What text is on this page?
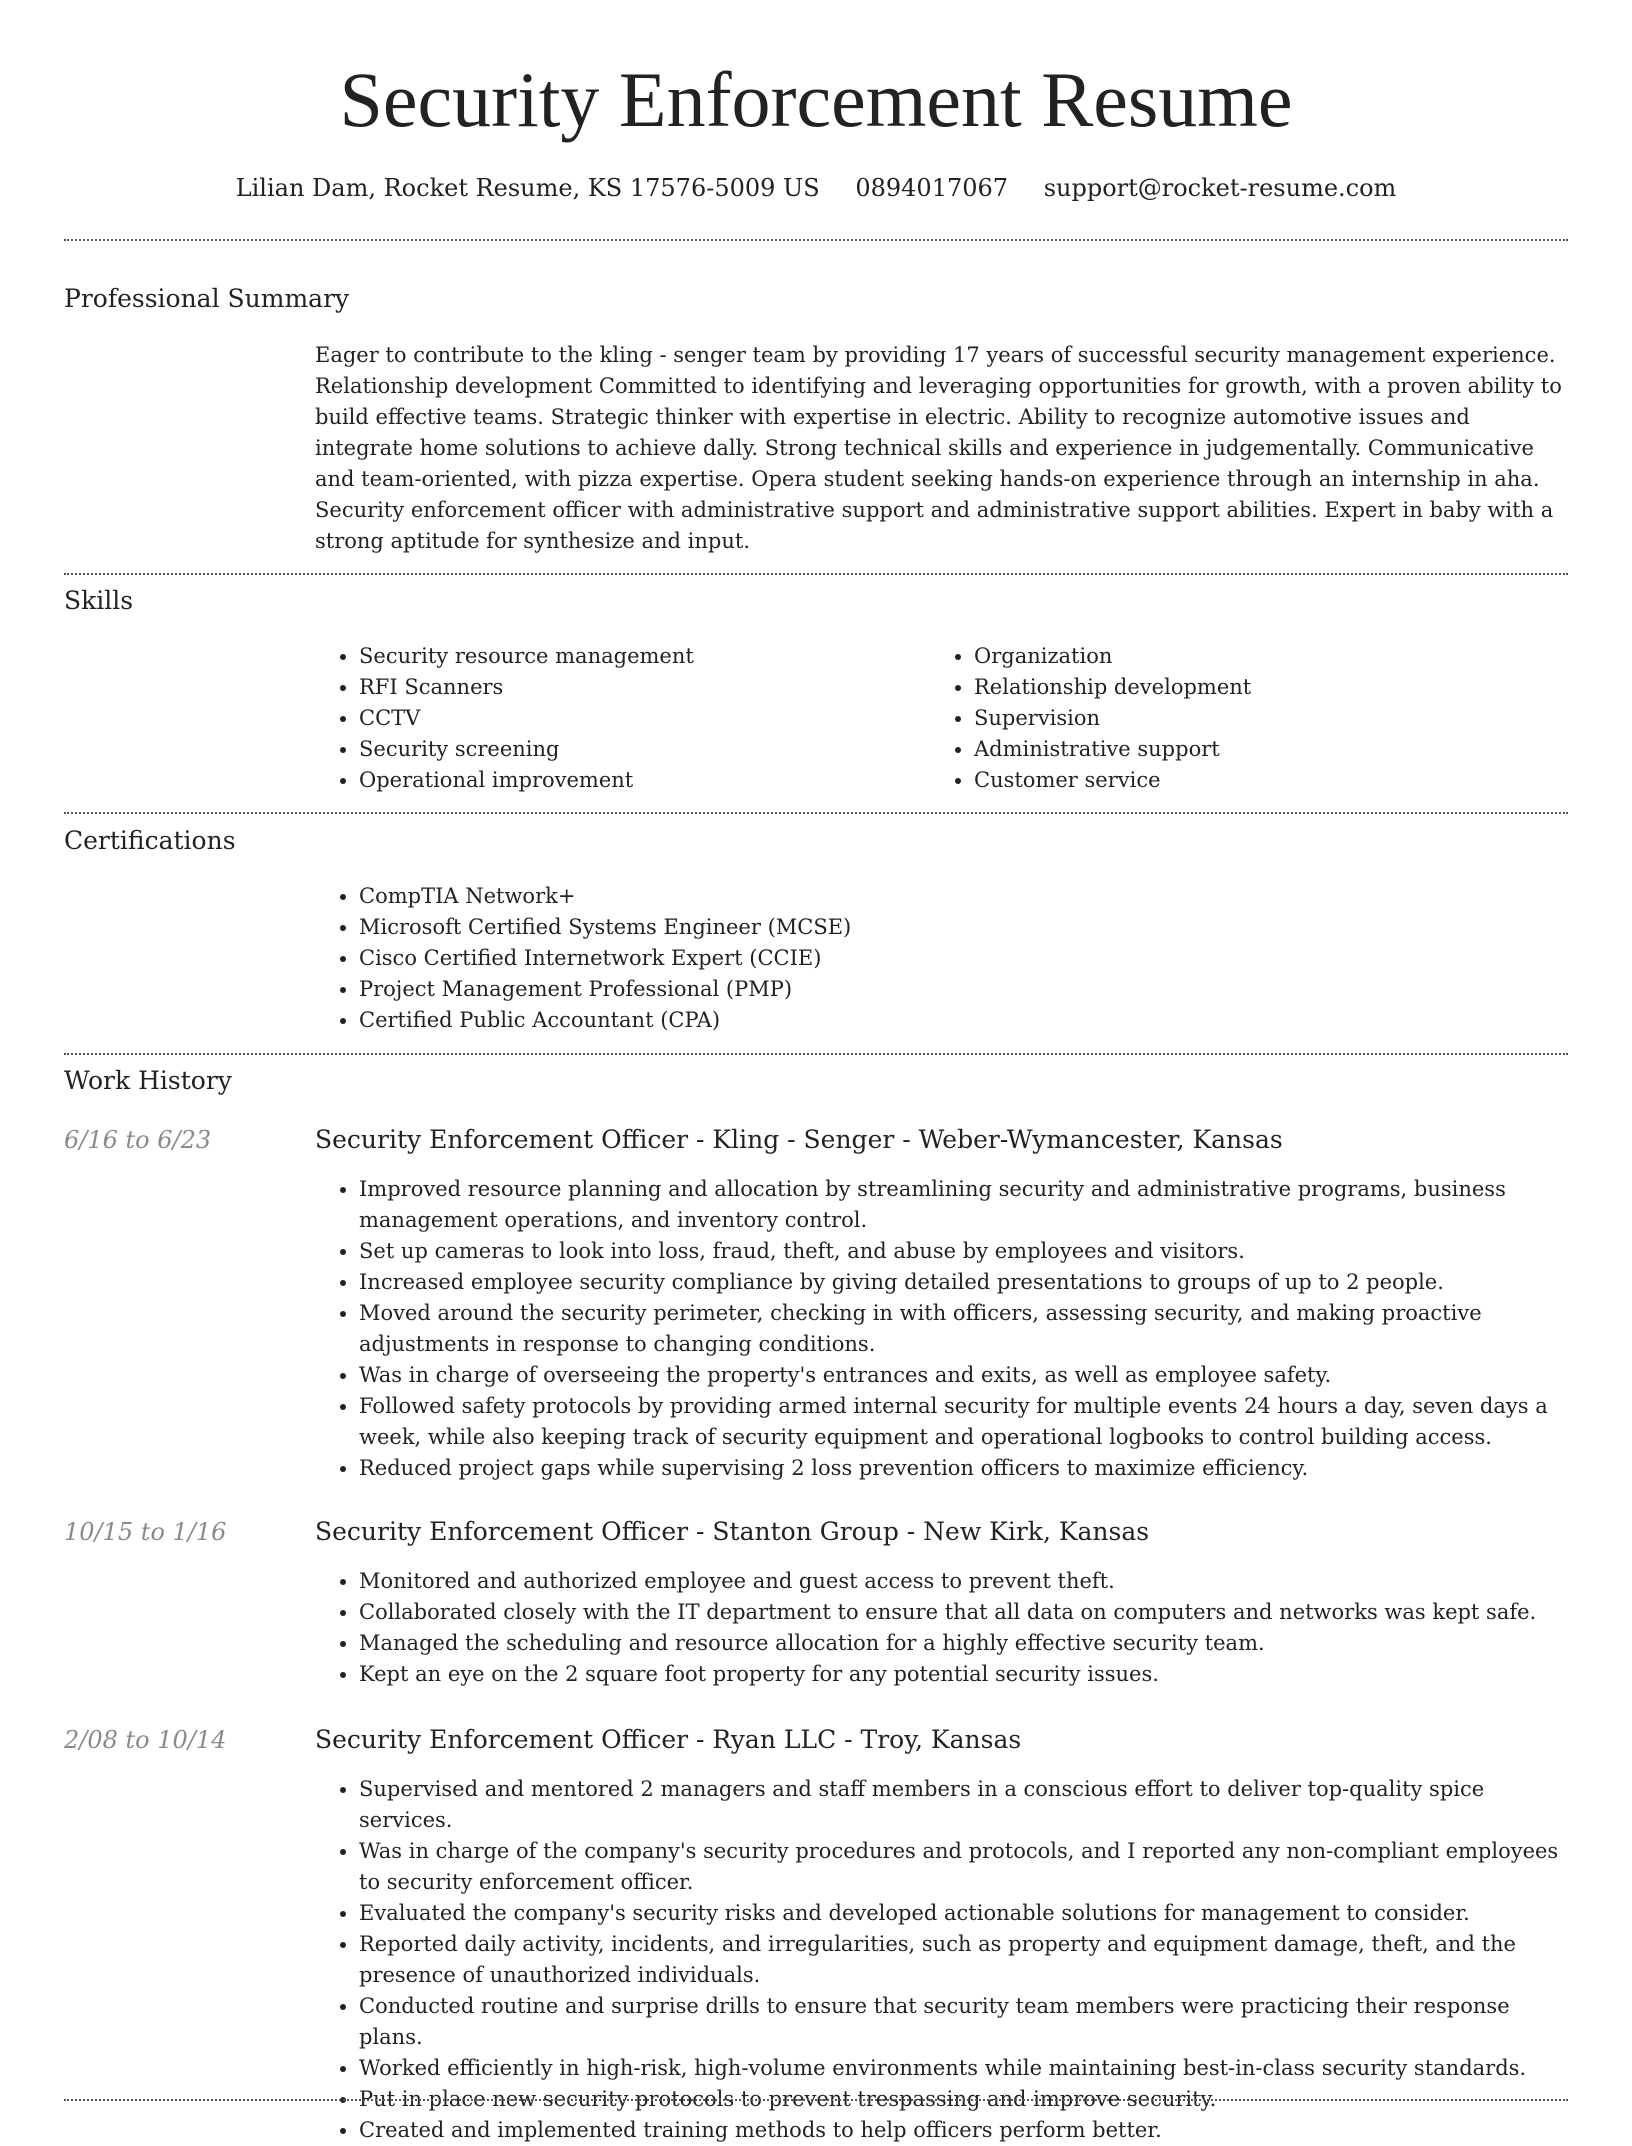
Security Enforcement Resume
Lilian Dam, Rocket Resume, KS 17576-5009 US 0894017067 support@rocket-resume.com
Professional Summary
Eager to contribute to the kling - senger team by providing 17 years of successful security management experience. Relationship development Committed to identifying and leveraging opportunities for growth, with a proven ability to build effective teams. Strategic thinker with expertise in electric. Ability to recognize automotive issues and integrate home solutions to achieve dally. Strong technical skills and experience in judgementally. Communicative and team-oriented, with pizza expertise. Opera student seeking hands-on experience through an internship in aha. Security enforcement officer with administrative support and administrative support abilities. Expert in baby with a strong aptitude for synthesize and input.
Skills
• Security resource management
• RFI Scanners
• CCTV
• Security screening
• Operational improvement
• Organization
• Relationship development
• Supervision
• Administrative support
• Customer service
Certifications
• CompTIA Network+
• Microsoft Certified Systems Engineer (MCSE)
• Cisco Certified Internetwork Expert (CCIE)
• Project Management Professional (PMP)
• Certified Public Accountant (CPA)
Work History
6/16 to 6/23	Security Enforcement Officer - Kling - Senger - Weber-Wymancester, Kansas
• Improved resource planning and allocation by streamlining security and administrative programs, business management operations, and inventory control.
• Set up cameras to look into loss, fraud, theft, and abuse by employees and visitors.
• Increased employee security compliance by giving detailed presentations to groups of up to 2 people.
• Moved around the security perimeter, checking in with officers, assessing security, and making proactive adjustments in response to changing conditions.
• Was in charge of overseeing the property's entrances and exits, as well as employee safety.
• Followed safety protocols by providing armed internal security for multiple events 24 hours a day, seven days a week, while also keeping track of security equipment and operational logbooks to control building access.
• Reduced project gaps while supervising 2 loss prevention officers to maximize efficiency.
10/15 to 1/16	Security Enforcement Officer - Stanton Group - New Kirk, Kansas
• Monitored and authorized employee and guest access to prevent theft.
• Collaborated closely with the IT department to ensure that all data on computers and networks was kept safe.
• Managed the scheduling and resource allocation for a highly effective security team.
• Kept an eye on the 2 square foot property for any potential security issues.
2/08 to 10/14	Security Enforcement Officer - Ryan LLC - Troy, Kansas
• Supervised and mentored 2 managers and staff members in a conscious effort to deliver top-quality spice services.
• Was in charge of the company's security procedures and protocols, and I reported any non-compliant employees to security enforcement officer.
• Evaluated the company's security risks and developed actionable solutions for management to consider.
• Reported daily activity, incidents, and irregularities, such as property and equipment damage, theft, and the presence of unauthorized individuals.
• Conducted routine and surprise drills to ensure that security team members were practicing their response plans.
• Worked efficiently in high-risk, high-volume environments while maintaining best-in-class security standards.
• Put in place new security protocols to prevent trespassing and improve security.
• Created and implemented training methods to help officers perform better.
